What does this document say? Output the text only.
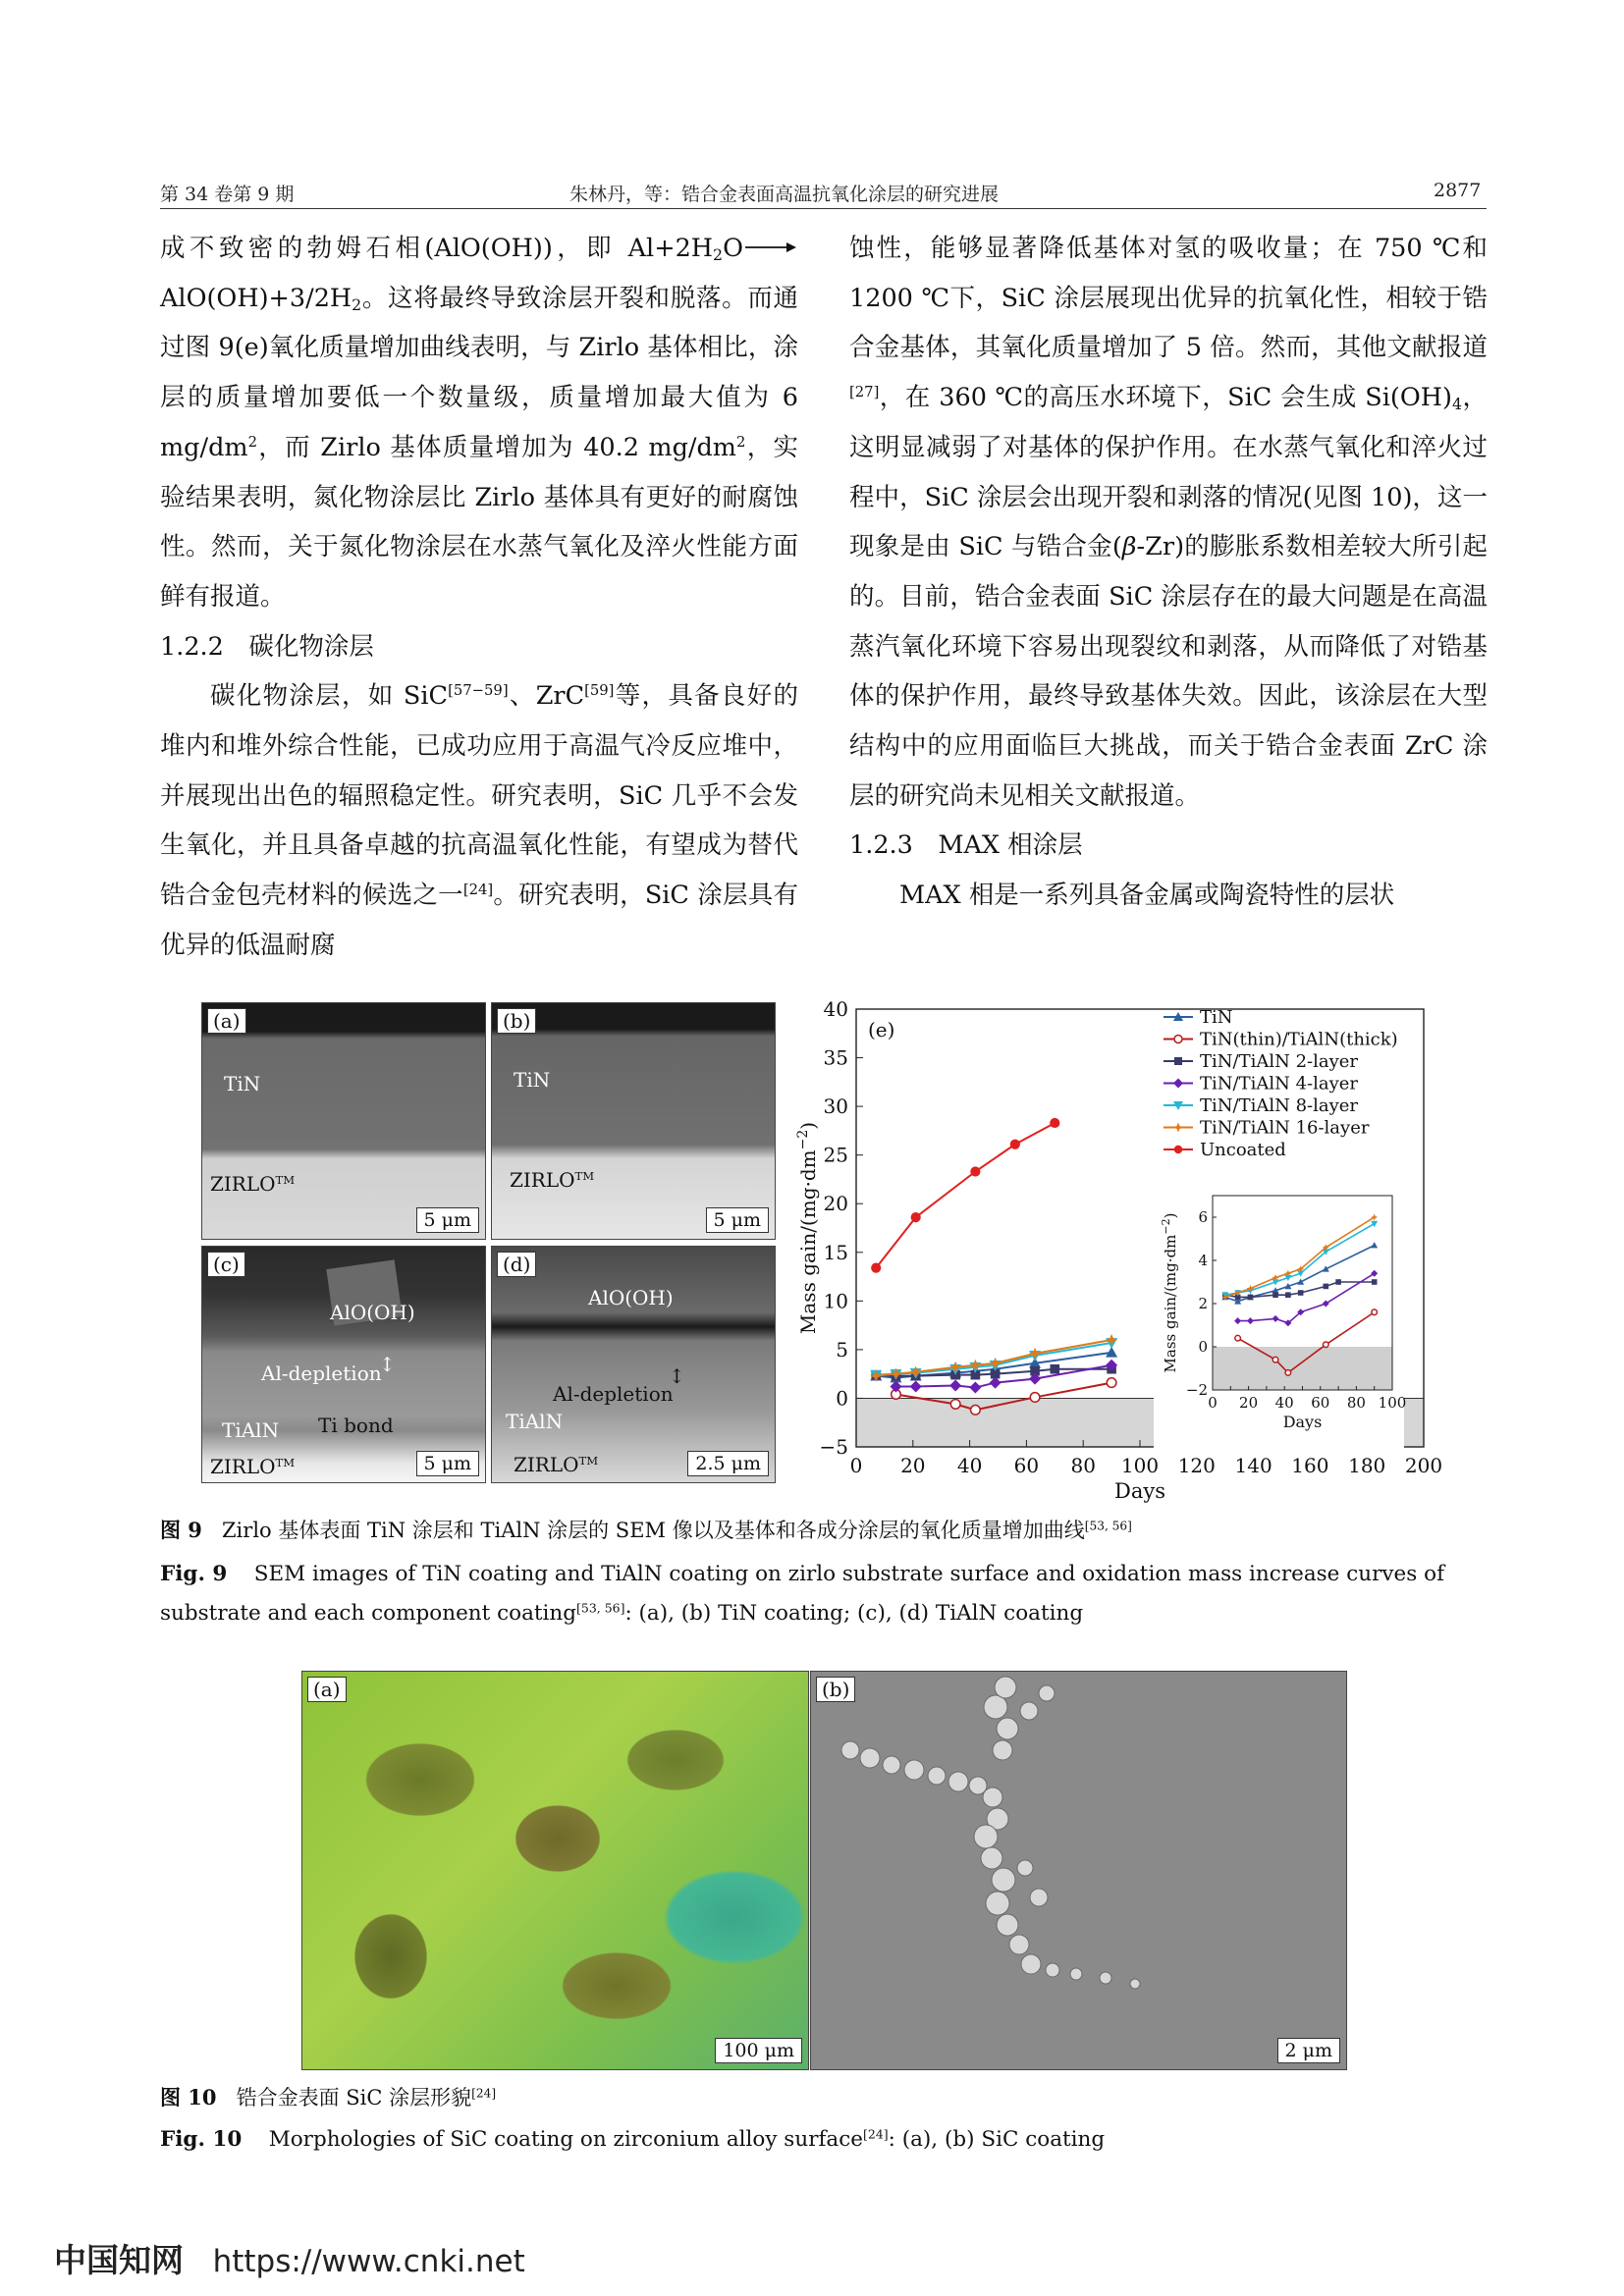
第 34 卷第 9 期	朱林丹，等：锆合金表面高温抗氧化涂层的研究进展	2877

成不致密的勃姆石相(AlO(OH))，即 $Al+2H_2O\to AlO(OH)+3/2H_2$。这将最终导致涂层开裂和脱落。而通过图 9(e)氧化质量增加曲线表明，与 Zirlo 基体相比，涂层的质量增加要低一个数量级，质量增加最大值为 6 $mg/dm^2$，而 Zirlo 基体质量增加为 40.2 $mg/dm^2$，实验结果表明，氮化物涂层比 Zirlo 基体具有更好的耐腐蚀性。然而，关于氮化物涂层在水蒸气氧化及淬火性能方面鲜有报道。

1.2.2　碳化物涂层

碳化物涂层，如 SiC[57−59]、ZrC[59]等，具备良好的堆内和堆外综合性能，已成功应用于高温气冷反应堆中，并展现出出色的辐照稳定性。研究表明，SiC 几乎不会发生氧化，并且具备卓越的抗高温氧化性能，有望成为替代锆合金包壳材料的候选之一[24]。研究表明，SiC 涂层具有优异的低温耐腐

蚀性，能够显著降低基体对氢的吸收量；在 750 ℃和 1200 ℃下，SiC 涂层展现出优异的抗氧化性，相较于锆合金基体，其氧化质量增加了 5 倍。然而，其他文献报道[27]，在 360 ℃的高压水环境下，SiC 会生成 $Si(OH)_4$，这明显减弱了对基体的保护作用。在水蒸气氧化和淬火过程中，SiC 涂层会出现开裂和剥落的情况(见图 10)，这一现象是由 SiC 与锆合金(β-Zr)的膨胀系数相差较大所引起的。目前，锆合金表面 SiC 涂层存在的最大问题是在高温蒸汽氧化环境下容易出现裂纹和剥落，从而降低了对锆基体的保护作用，最终导致基体失效。因此，该涂层在大型结构中的应用面临巨大挑战，而关于锆合金表面 ZrC 涂层的研究尚未见相关文献报道。

1.2.3　MAX 相涂层

MAX 相是一系列具备金属或陶瓷特性的层状

(a)
TiN
ZIRLO™
5 μm
(b)
TiN
ZIRLO™
5 μm
(c)
AlO(OH)
Al-depletion
↕
TiAlN Ti bond
ZIRLO™	5 μm
(d)
AlO(OH)
Al-depletion
↕
TiAlN
ZIRLO™	2.5 μm	0 20 40 60 80 100 120 140 160 180 200
−5
0
5
10
15
20
25
30
35
40
Days
Mass gain/$(mg\cdot dm^{-2})$
(e)
TiN
TiN(thin)/TiAlN(thick)
TiN/TiAlN 2-layer
TiN/TiAlN 4-layer
TiN/TiAlN 8-layer
TiN/TiAlN 16-layer
Uncoated
0 20 40 60 80 100
−2
0
2
4
6
Days
Mass gain/$(mg\cdot dm^{-2})$
图 9 Zirlo 基体表面 TiN 涂层和 TiAlN 涂层的 SEM 像以及基体和各成分涂层的氧化质量增加曲线[53, 56]
Fig. 9 SEM images of TiN coating and TiAlN coating on zirlo substrate surface and oxidation mass increase curves of substrate and each component coating[53, 56]: (a), (b) TiN coating; (c), (d) TiAlN coating
(a)
100 μm
(b)
2 μm
图 10 锆合金表面 SiC 涂层形貌[24]
Fig. 10 Morphologies of SiC coating on zirconium alloy surface[24]: (a), (b) SiC coating
中国知网 https://www.cnki.net
